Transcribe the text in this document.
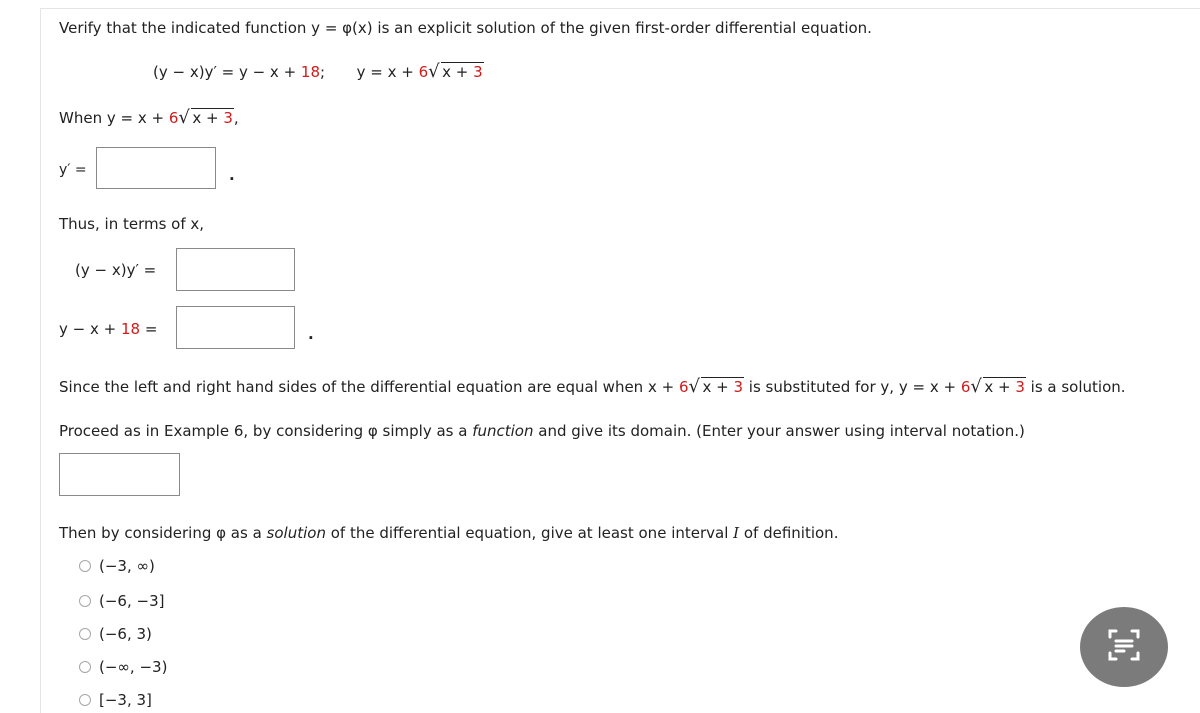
Verify that the indicated function y = φ(x) is an explicit solution of the given first-order differential equation.
(y − x)y′ = y − x + 18; y = x + 6 √ x + 3
When y = x + 6 √ x + 3,
y′ =	.
Thus, in terms of x,
(y − x)y′ =
y − x + 18 =	.
Since the left and right hand sides of the differential equation are equal when x + 6 √ x + 3 is substituted for y, y = x + 6 √ x + 3 is a solution.
Proceed as in Example 6, by considering φ simply as a function and give its domain. (Enter your answer using interval notation.)
Then by considering φ as a solution of the differential equation, give at least one interval I of definition.
(−3, ∞)
(−6, −3]
(−6, 3)
(−∞, −3)
[−3, 3]
